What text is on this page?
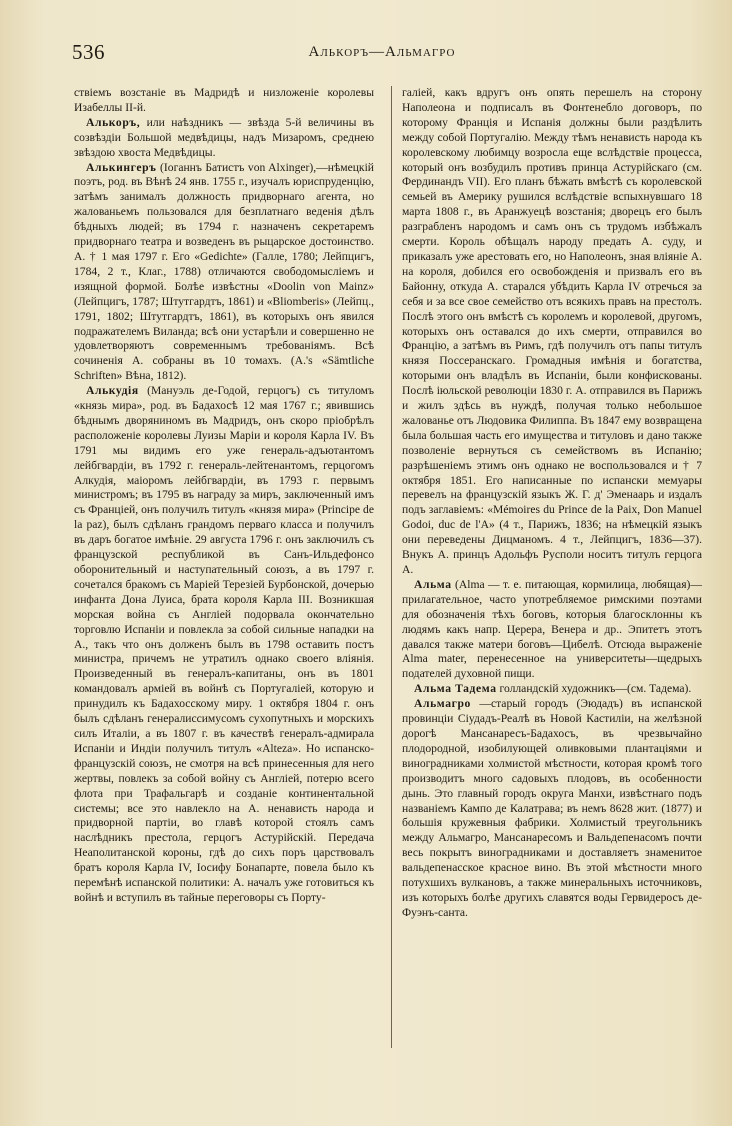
536	Алькоръ—Альмагро

ствіемъ возстаніе въ Мадридѣ и низложеніе королевы Изабеллы II-й.

Алькоръ, или наѣздникъ — звѣзда 5-й величины въ созвѣздіи Большой медвѣдицы, надъ Мизаромъ, среднею звѣздою хвоста Медвѣдицы.

Алькингеръ (Іоганнъ Батистъ von Alxinger),—нѣмецкій поэтъ, род. въ Вѣнѣ 24 янв. 1755 г., изучалъ юриспруденцію, затѣмъ занималъ должность придворнаго агента, но жалованьемъ пользовался для безплатнаго веденія дѣлъ бѣдныхъ людей; въ 1794 г. назначенъ секретаремъ придворнаго театра и возведенъ въ рыцарское достоинство. А. † 1 мая 1797 г. Его «Gedichte» (Галле, 1780; Лейпцигъ, 1784, 2 т., Клаг., 1788) отличаются свободомысліемъ и изящной формой. Болѣе извѣстны «Doolin von Mainz» (Лейпцигъ, 1787; Штутгардтъ, 1861) и «Bliomberis» (Лейпц., 1791, 1802; Штутгардтъ, 1861), въ которыхъ онъ явился подражателемъ Виланда; всѣ они устарѣли и совершенно не удовлетворяютъ современнымъ требованіямъ. Всѣ сочиненія А. собраны въ 10 томахъ. (A.'s «Sämtliche Schriften» Вѣна, 1812).

Алькудія (Мануэль де-Годой, герцогъ) съ титуломъ «князь мира», род. въ Бадахосѣ 12 мая 1767 г.; явившись бѣднымъ дворяниномъ въ Мадридъ, онъ скоро пріобрѣлъ расположеніе королевы Луизы Маріи и короля Карла IV. Въ 1791 мы видимъ его уже генераль-адъютантомъ лейбгвардіи, въ 1792 г. генераль-лейтенантомъ, герцогомъ Алкудія, маіоромъ лейбгвардіи, въ 1793 г. первымъ министромъ; въ 1795 въ награду за миръ, заключенный имъ съ Франціей, онъ получилъ титулъ «князя мира» (Principe de la paz), былъ сдѣланъ грандомъ перваго класса и получилъ въ даръ богатое имѣніе. 29 августа 1796 г. онъ заключилъ съ французской республикой въ Санъ-Ильдефонсо оборонительный и наступательный союзъ, а въ 1797 г. сочетался бракомъ съ Маріей Терезіей Бурбонской, дочерью инфанта Дона Луиса, брата короля Карла III. Возникшая морская война съ Англіей подорвала окончательно торговлю Испаніи и повлекла за собой сильные нападки на А., такъ что онъ долженъ былъ въ 1798 оставить постъ министра, причемъ не утратилъ однако своего вліянія. Произведенный въ генералъ-капитаны, онъ въ 1801 командовалъ арміей въ войнѣ съ Португаліей, которую и принудилъ къ Бадахосскому миру. 1 октября 1804 г. онъ былъ сдѣланъ генералиссимусомъ сухопутныхъ и морскихъ силъ Италіи, а въ 1807 г. въ качествѣ генералъ-адмирала Испаніи и Индіи получилъ титулъ «Alteza». Но испанско-французскій союзъ, не смотря на всѣ принесенныя для него жертвы, повлекъ за собой войну съ Англіей, потерю всего флота при Трафальгарѣ и созданіе континентальной системы; все это навлекло на А. ненависть народа и придворной партіи, во главѣ которой стоялъ самъ наслѣдникъ престола, герцогъ Астурійскій. Передача Неаполитанской короны, гдѣ до сихъ поръ царствовалъ братъ короля Карла IV, Іосифу Бонапарте, повела было къ перемѣнѣ испанской политики: А. началъ уже готовиться къ войнѣ и вступилъ въ тайные переговоры съ Порту-

галіей, какъ вдругъ онъ опять перешелъ на сторону Наполеона и подписалъ въ Фонтенебло договоръ, по которому Франція и Испанія должны были раздѣлить между собой Португалію. Между тѣмъ ненависть народа къ королевскому любимцу возросла еще вслѣдствіе процесса, который онъ возбудилъ противъ принца Астурійскаго (см. Фердинандъ VII). Его планъ бѣжать вмѣстѣ съ королевской семьей въ Америку рушился вслѣдствіе вспыхнувшаго 18 марта 1808 г., въ Аранжуецѣ возстанія; дворецъ его былъ разграбленъ народомъ и самъ онъ съ трудомъ избѣжалъ смерти. Король обѣщалъ народу предать А. суду, и приказалъ уже арестовать его, но Наполеонъ, зная вліяніе А. на короля, добился его освобожденія и призвалъ его въ Байонну, откуда А. старался убѣдить Карла IV отречься за себя и за все свое семейство отъ всякихъ правъ на престолъ. Послѣ этого онъ вмѣстѣ съ королемъ и королевой, другомъ, которыхъ онъ оставался до ихъ смерти, отправился во Францію, а затѣмъ въ Римъ, гдѣ получилъ отъ папы титулъ князя Поссеранскаго. Громадныя имѣнія и богатства, которыми онъ владѣлъ въ Испаніи, были конфискованы. Послѣ іюльской революціи 1830 г. А. отправился въ Парижъ и жилъ здѣсь въ нуждѣ, получая только небольшое жалованье отъ Людовика Филиппа. Въ 1847 ему возвращена была большая часть его имущества и титуловъ и дано также позволеніе вернуться съ семействомъ въ Испанію; разрѣшеніемъ этимъ онъ однако не воспользовался и † 7 октября 1851. Его написанные по испански мемуары перевелъ на французскій языкъ Ж. Г. д' Эменаарь и издалъ подъ заглавіемъ: «Mémoires du Prince de la Paix, Don Manuel Godoi, duc de l'A» (4 т., Парижъ, 1836; на нѣмецкій языкъ они переведены Дицманомъ. 4 т., Лейпцигъ, 1836—37). Внукъ А. принцъ Адольфъ Русполи носитъ титулъ герцога А.

Альма (Alma — т. е. питающая, кормилица, любящая)—прилагательное, часто употребляемое римскими поэтами для обозначенія тѣхъ боговъ, которыя благосклонны къ людямъ какъ напр. Церера, Венера и др.. Эпитетъ этотъ давался также матери боговъ—Цибелѣ. Отсюда выраженіе Alma mater, перенесенное на университеты—щедрыхъ подателей духовной пищи.

Альма Тадема голландскій художникъ—(см. Тадема).

Альмагро —старый городъ (Эюдадъ) въ испанской провинціи Сіудадъ-Реалѣ въ Новой Кастиліи, на желѣзной дорогѣ Мансанаресъ-Бадахосъ, въ чрезвычайно плодородной, изобилующей оливковыми плантаціями и виноградниками холмистой мѣстности, которая кромѣ того производитъ много садовыхъ плодовъ, въ особенности дынь. Это главный городъ округа Манхи, извѣстнаго подъ названіемъ Кампо де Калатрава; въ немъ 8628 жит. (1877) и большія кружевныя фабрики. Холмистый треугольникъ между Альмагро, Мансанаресомъ и Вальдепенасомъ почти весь покрытъ виноградниками и доставляетъ знаменитое вальдепенасское красное вино. Въ этой мѣстности много потухшихъ вулкановъ, а также минеральныхъ источниковъ, изъ которыхъ болѣе другихъ славятся воды Гервидеросъ де-Фуэнъ-санта.
